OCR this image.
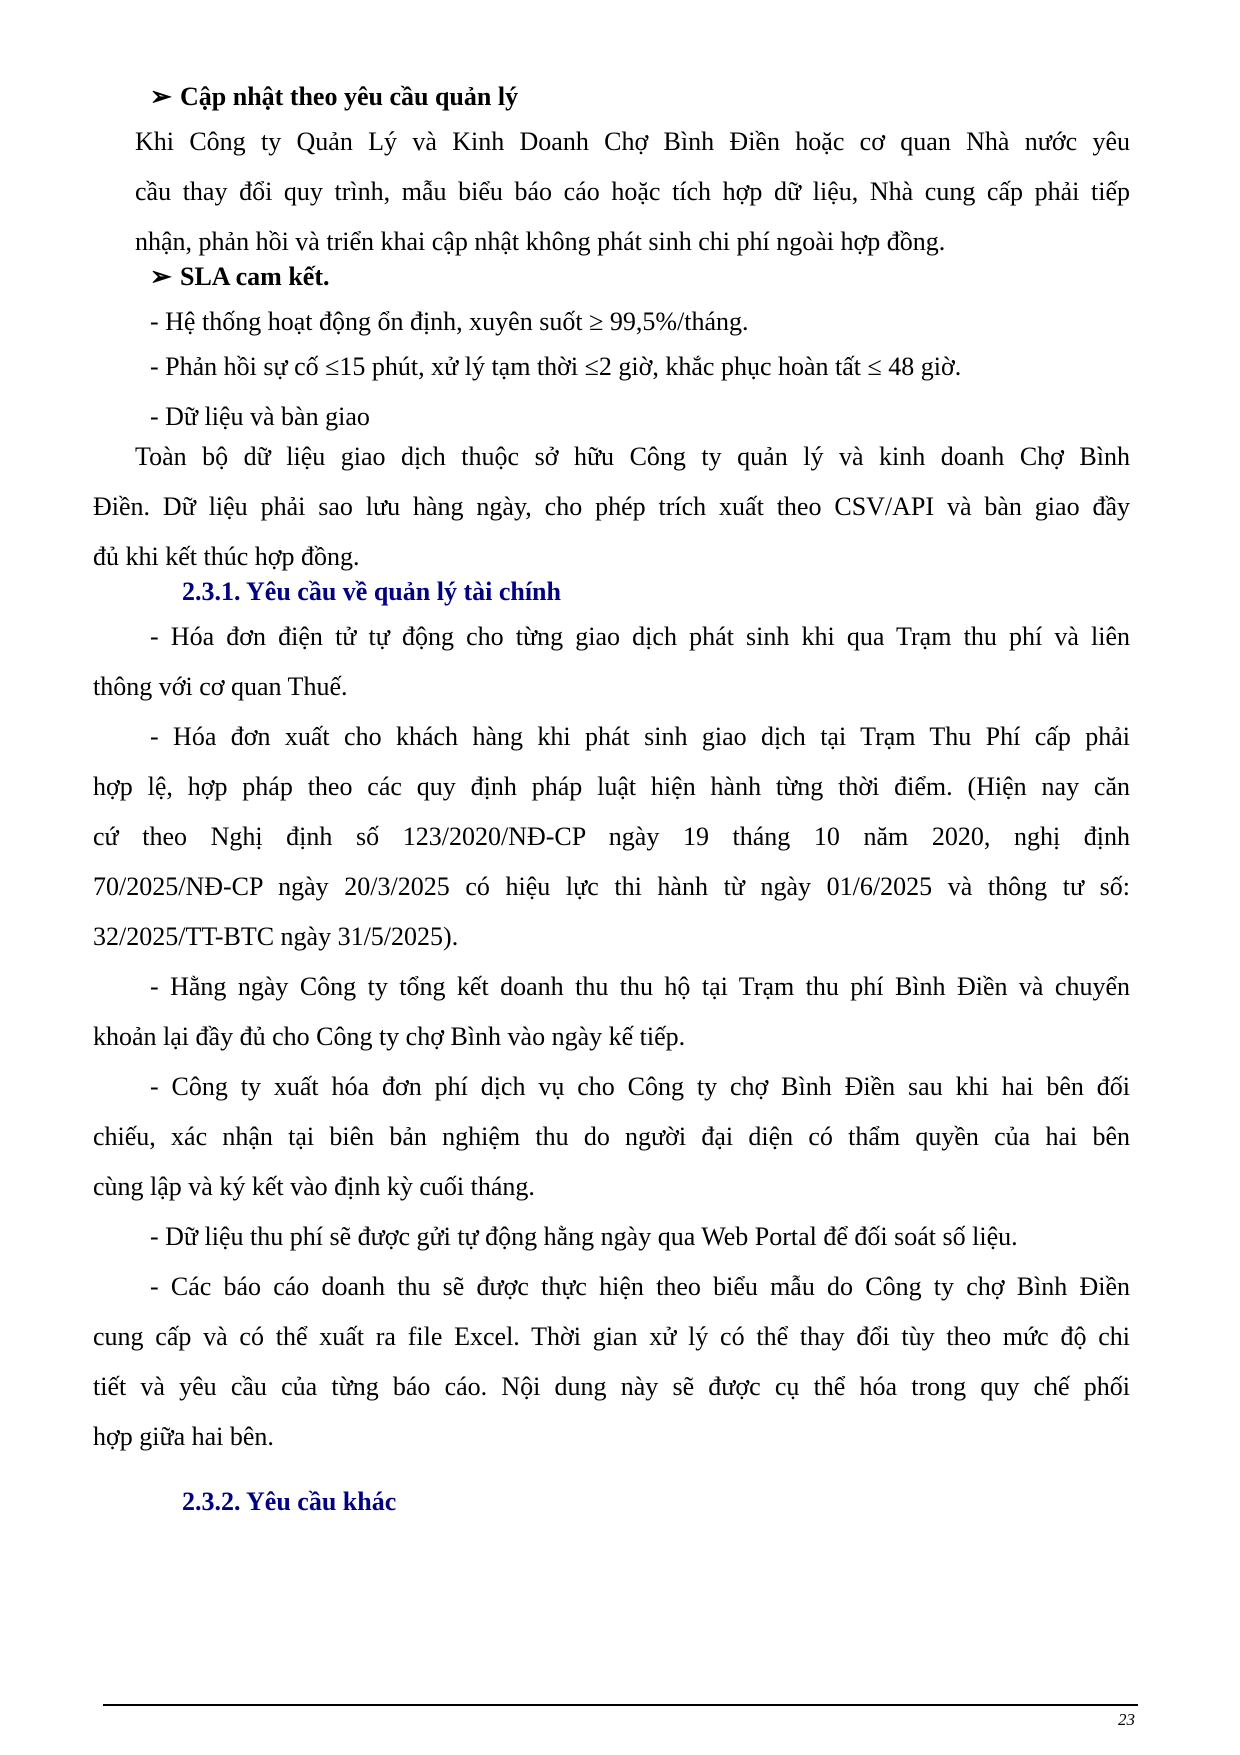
➢ Cập nhật theo yêu cầu quản lý
Khi Công ty Quản Lý và Kinh Doanh Chợ Bình Điền hoặc cơ quan Nhà nước yêu
cầu thay đổi quy trình, mẫu biểu báo cáo hoặc tích hợp dữ liệu, Nhà cung cấp phải tiếp
nhận, phản hồi và triển khai cập nhật không phát sinh chi phí ngoài hợp đồng.
➢ SLA cam kết.
- Hệ thống hoạt động ổn định, xuyên suốt ≥ 99,5%/tháng.
- Phản hồi sự cố ≤15 phút, xử lý tạm thời ≤2 giờ, khắc phục hoàn tất ≤ 48 giờ.
- Dữ liệu và bàn giao
Toàn bộ dữ liệu giao dịch thuộc sở hữu Công ty quản lý và kinh doanh Chợ Bình
Điền. Dữ liệu phải sao lưu hàng ngày, cho phép trích xuất theo CSV/API và bàn giao đầy
đủ khi kết thúc hợp đồng.
2.3.1. Yêu cầu về quản lý tài chính
- Hóa đơn điện tử tự động cho từng giao dịch phát sinh khi qua Trạm thu phí và liên
thông với cơ quan Thuế.
- Hóa đơn xuất cho khách hàng khi phát sinh giao dịch tại Trạm Thu Phí cấp phải
hợp lệ, hợp pháp theo các quy định pháp luật hiện hành từng thời điểm. (Hiện nay căn
cứ theo Nghị định số 123/2020/NĐ-CP ngày 19 tháng 10 năm 2020, nghị định
70/2025/NĐ-CP ngày 20/3/2025 có hiệu lực thi hành từ ngày 01/6/2025 và thông tư số:
32/2025/TT-BTC ngày 31/5/2025).
- Hằng ngày Công ty tổng kết doanh thu thu hộ tại Trạm thu phí Bình Điền và chuyển
khoản lại đầy đủ cho Công ty chợ Bình vào ngày kế tiếp.
- Công ty xuất hóa đơn phí dịch vụ cho Công ty chợ Bình Điền sau khi hai bên đối
chiếu, xác nhận tại biên bản nghiệm thu do người đại diện có thẩm quyền của hai bên
cùng lập và ký kết vào định kỳ cuối tháng.
- Dữ liệu thu phí sẽ được gửi tự động hằng ngày qua Web Portal để đối soát số liệu.
- Các báo cáo doanh thu sẽ được thực hiện theo biểu mẫu do Công ty chợ Bình Điền
cung cấp và có thể xuất ra file Excel. Thời gian xử lý có thể thay đổi tùy theo mức độ chi
tiết và yêu cầu của từng báo cáo. Nội dung này sẽ được cụ thể hóa trong quy chế phối
hợp giữa hai bên.
2.3.2. Yêu cầu khác
23
